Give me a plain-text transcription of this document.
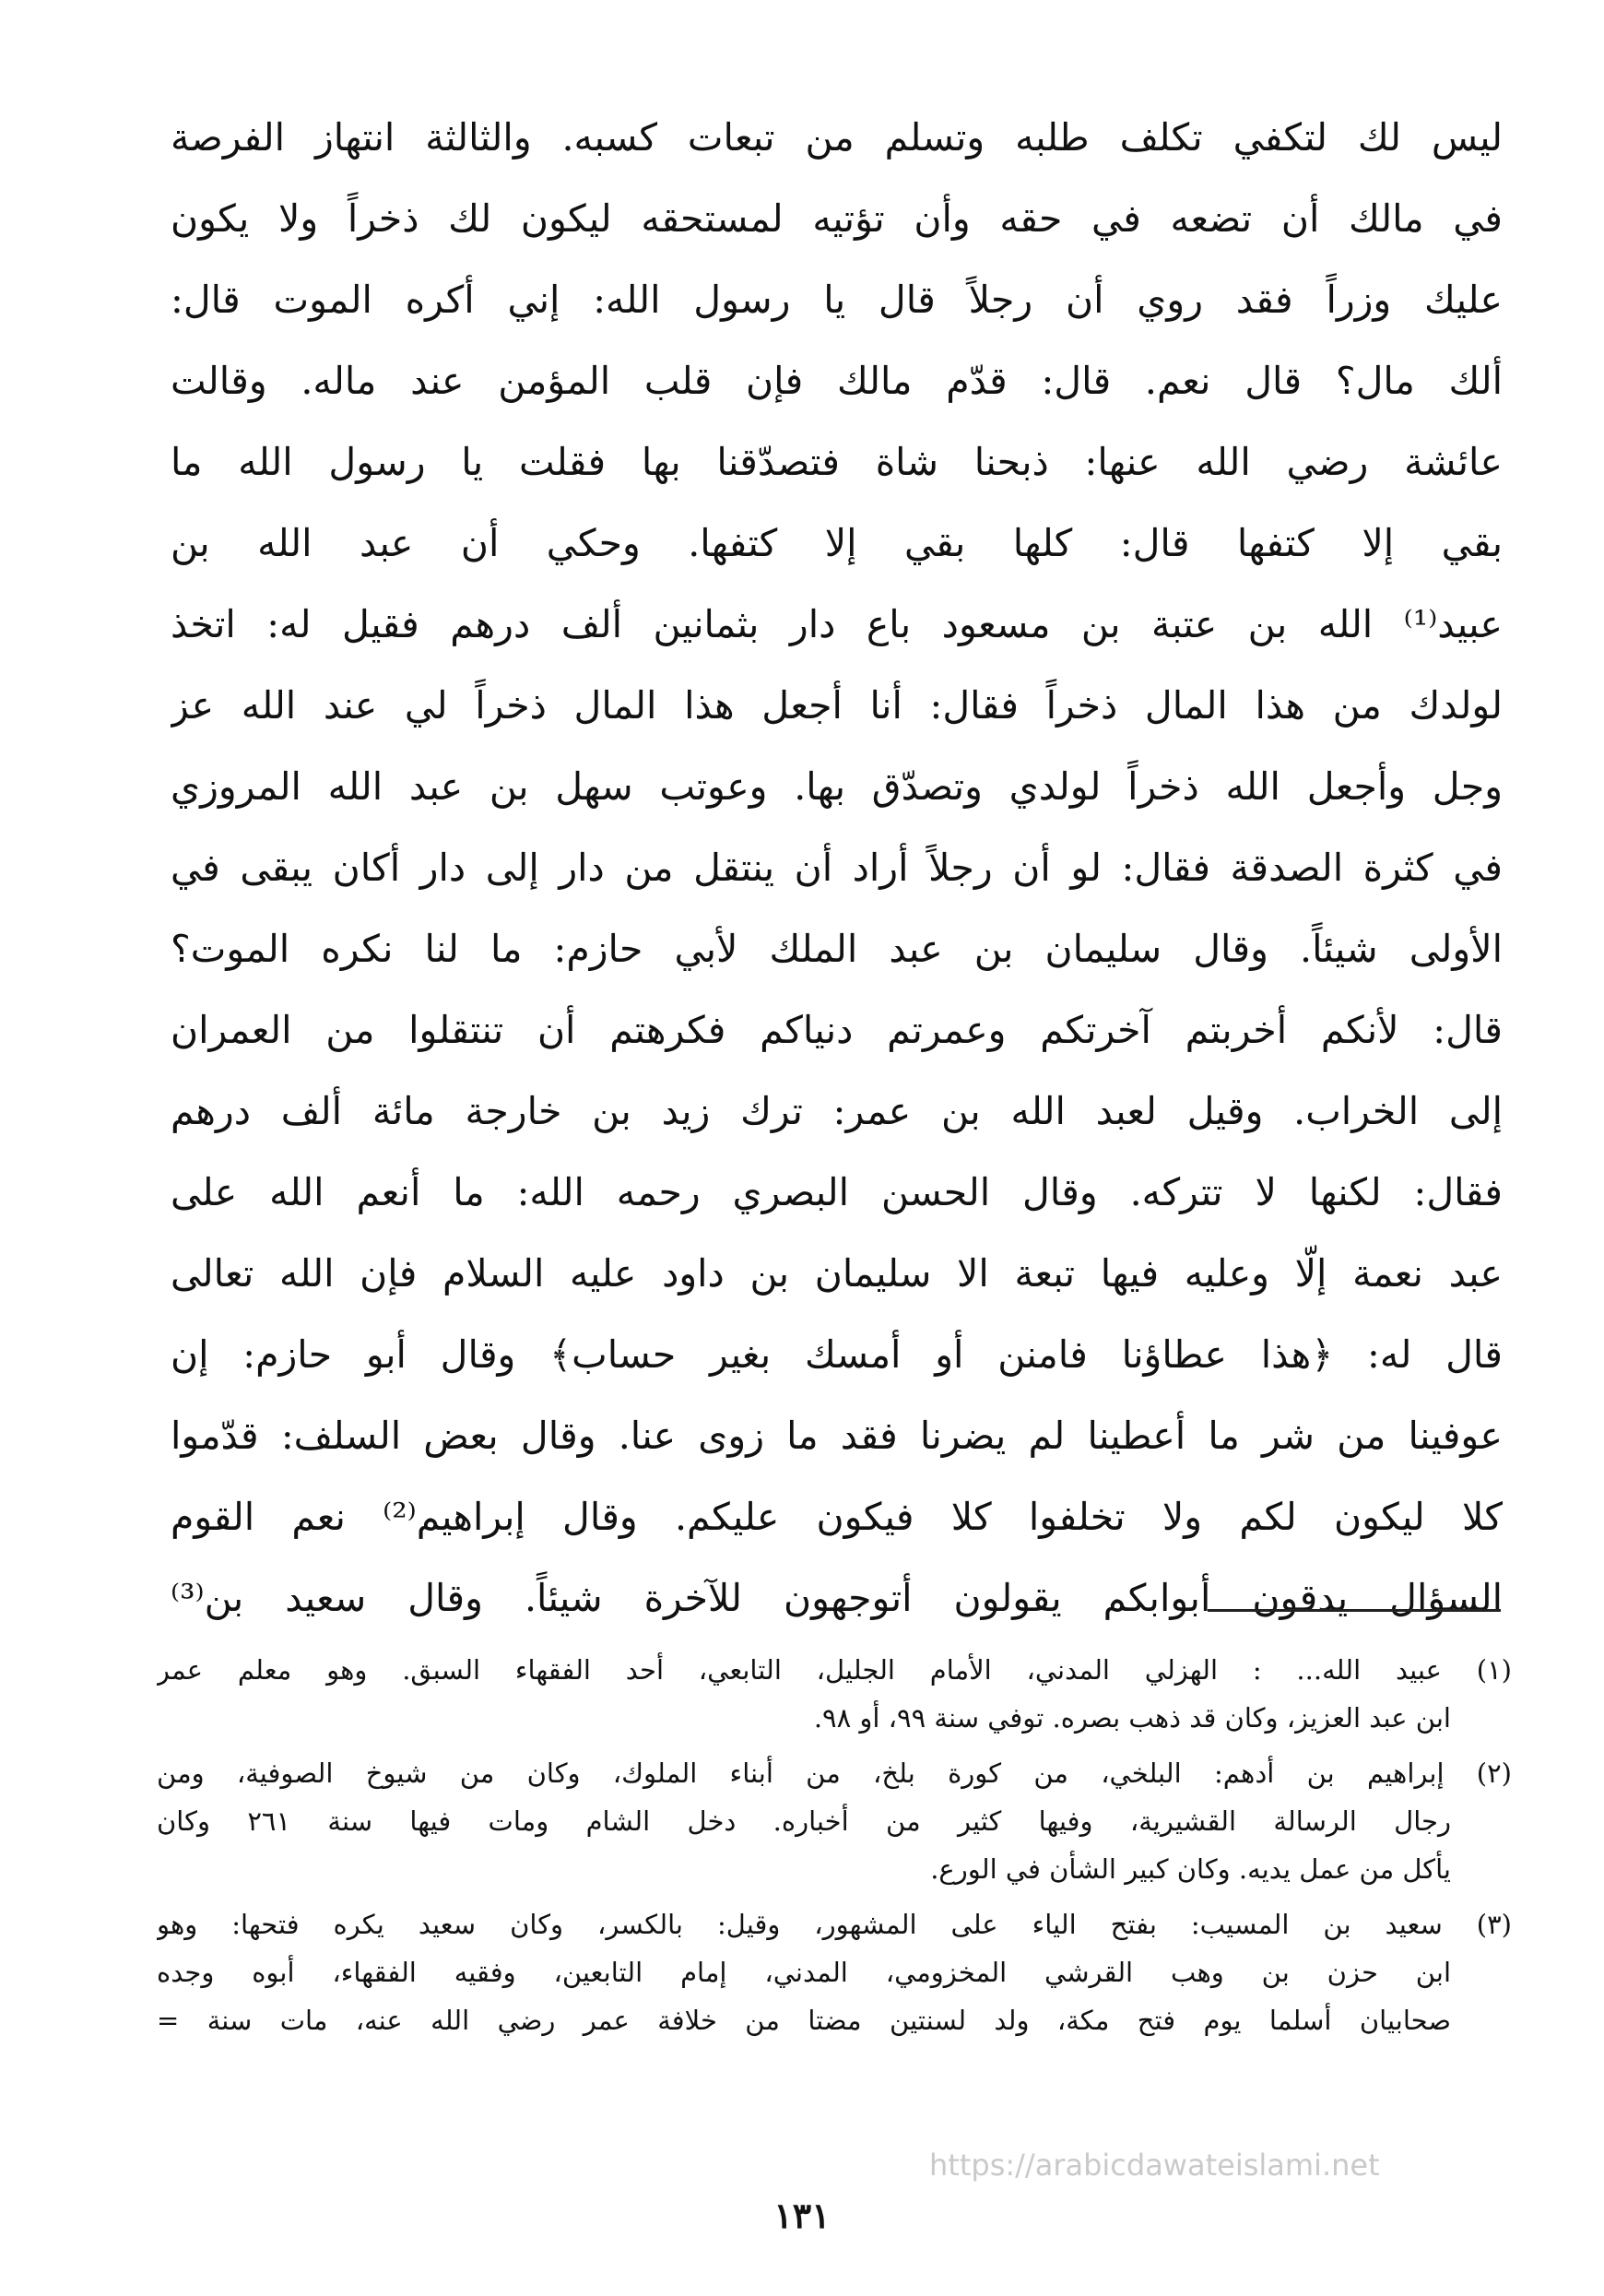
ليس لك لتكفي تكلف طلبه وتسلم من تبعات كسبه. والثالثة انتهاز الفرصة
في مالك أن تضعه في حقه وأن تؤتيه لمستحقه ليكون لك ذخراً ولا يكون
عليك وزراً فقد روي أن رجلاً قال يا رسول الله: إني أكره الموت قال:
ألك مال؟ قال نعم. قال: قدّم مالك فإن قلب المؤمن عند ماله. وقالت
عائشة رضي الله عنها: ذبحنا شاة فتصدّقنا بها فقلت يا رسول الله ما
بقي إلا كتفها قال: كلها بقي إلا كتفها. وحكي أن عبد الله بن
عبيد⁽¹⁾ الله بن عتبة بن مسعود باع دار بثمانين ألف درهم فقيل له: اتخذ
لولدك من هذا المال ذخراً فقال: أنا أجعل هذا المال ذخراً لي عند الله عز
وجل وأجعل الله ذخراً لولدي وتصدّق بها. وعوتب سهل بن عبد الله المروزي
في كثرة الصدقة فقال: لو أن رجلاً أراد أن ينتقل من دار إلى دار أكان يبقى في
الأولى شيئاً. وقال سليمان بن عبد الملك لأبي حازم: ما لنا نكره الموت؟
قال: لأنكم أخربتم آخرتكم وعمرتم دنياكم فكرهتم أن تنتقلوا من العمران
إلى الخراب. وقيل لعبد الله بن عمر: ترك زيد بن خارجة مائة ألف درهم
فقال: لكنها لا تتركه. وقال الحسن البصري رحمه الله: ما أنعم الله على
عبد نعمة إلّا وعليه فيها تبعة الا سليمان بن داود عليه السلام فإن الله تعالى
قال له: ﴿هذا عطاؤنا فامنن أو أمسك بغير حساب﴾ وقال أبو حازم: إن
عوفينا من شر ما أعطينا لم يضرنا فقد ما زوى عنا. وقال بعض السلف: قدّموا
كلا ليكون لكم ولا تخلفوا كلا فيكون عليكم. وقال إبراهيم⁽²⁾ نعم القوم
السؤال يدقون أبوابكم يقولون أتوجهون للآخرة شيئاً. وقال سعيد بن⁽³⁾
(١) عبيد الله... : الهزلي المدني، الأمام الجليل، التابعي، أحد الفقهاء السبق. وهو معلم عمر
ابن عبد العزيز، وكان قد ذهب بصره. توفي سنة ٩٩، أو ٩٨.
(٢) إبراهيم بن أدهم: البلخي، من كورة بلخ، من أبناء الملوك، وكان من شيوخ الصوفية، ومن
رجال الرسالة القشيرية، وفيها كثير من أخباره. دخل الشام ومات فيها سنة ٢٦١ وكان
يأكل من عمل يديه. وكان كبير الشأن في الورع.
(٣) سعيد بن المسيب: بفتح الياء على المشهور، وقيل: بالكسر، وكان سعيد يكره فتحها: وهو
ابن حزن بن وهب القرشي المخزومي، المدني، إمام التابعين، وفقيه الفقهاء، أبوه وجده
صحابيان أسلما يوم فتح مكة، ولد لسنتين مضتا من خلافة عمر رضي الله عنه، مات سنة =
https://arabicdawateislami.net
١٣١
